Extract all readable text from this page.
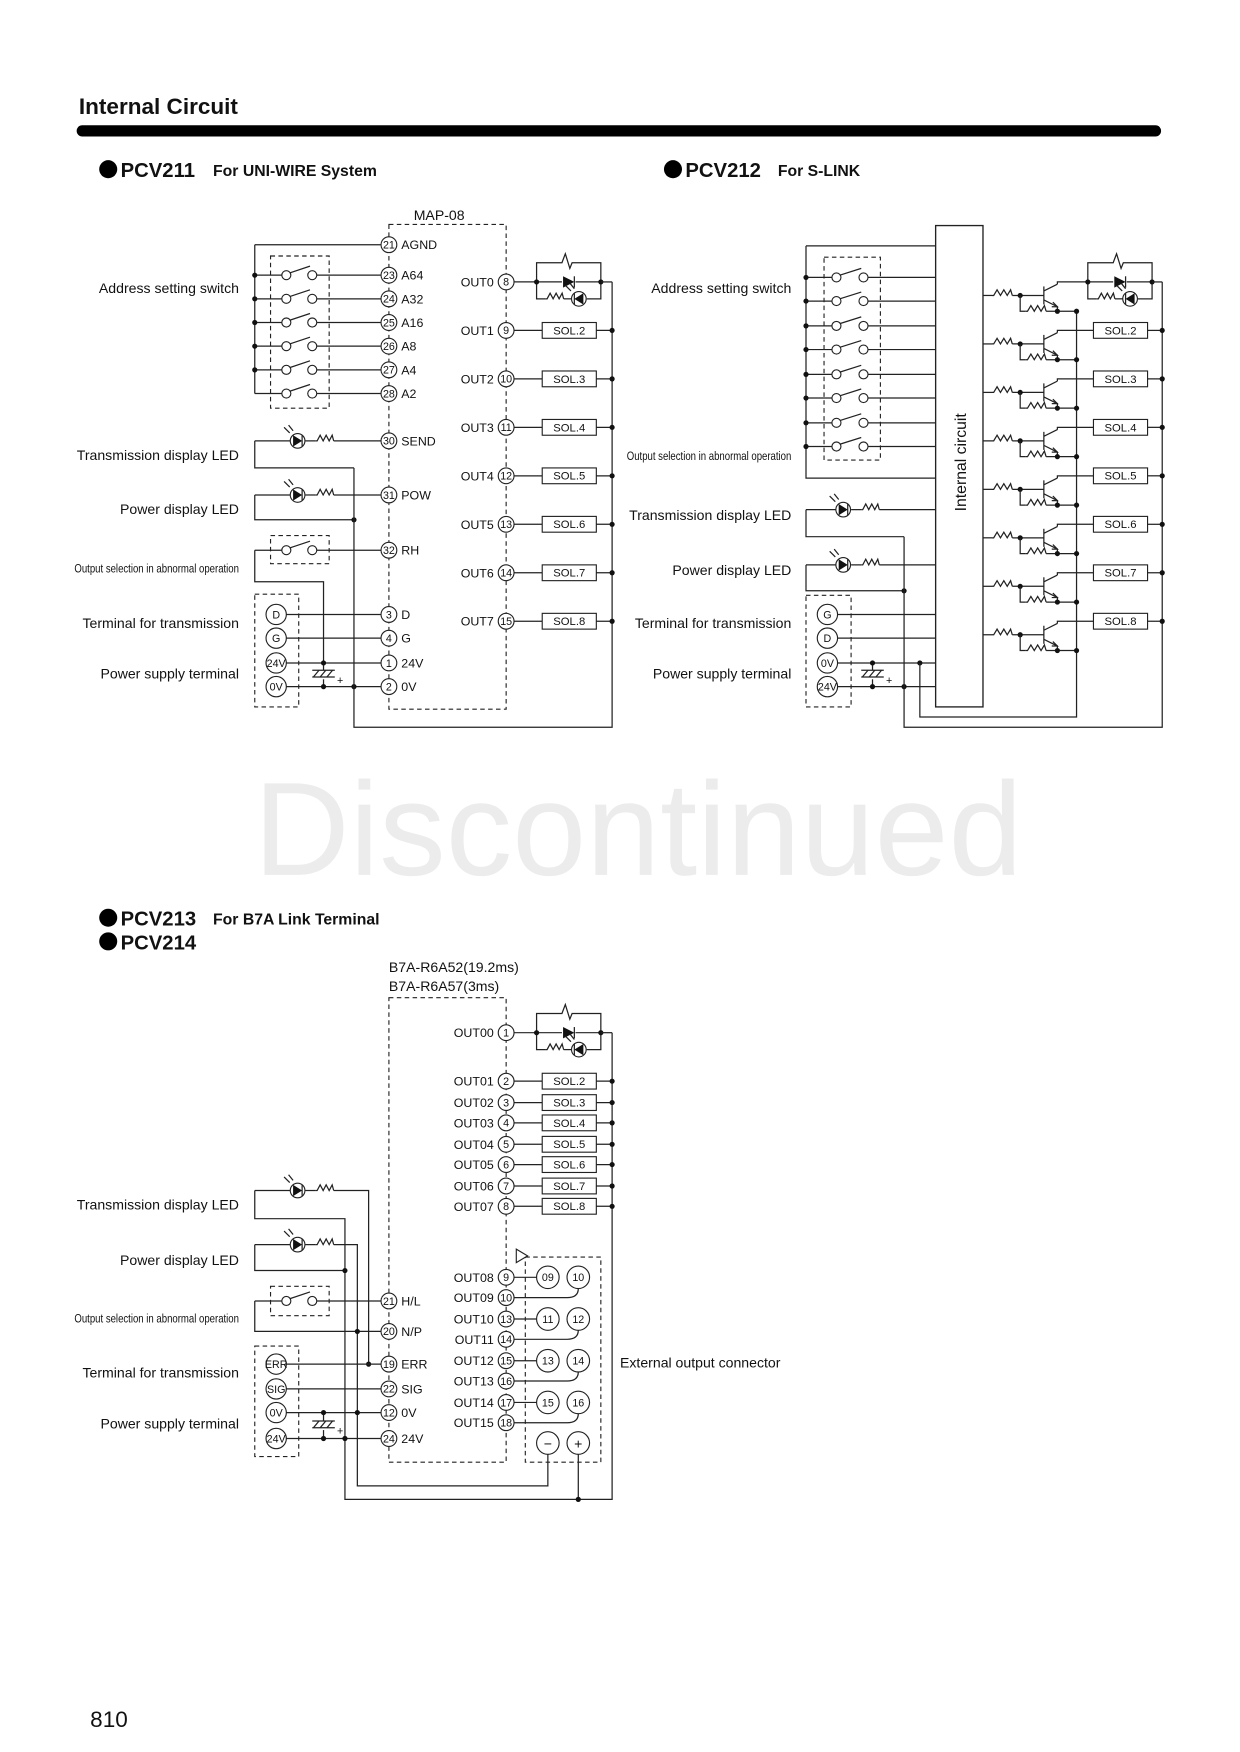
Discontinued
Internal Circuit
810
PCV211 For UNI-WIRE System
MAP-08
D
G
24V
0V
+
21 AGND
23 A64
24 A32
25 A16
26 A8
27 A4
28 A2
30 SEND
31 POW
32 RH
3 D
4 G
1 24V
2 0V
OUT0 8
OUT1	SOL.2
9
OUT2	SOL.3
10
OUT3	SOL.4
11
OUT4	SOL.5
12
OUT5	SOL.6
13
OUT6	SOL.7
14
OUT7	SOL.8
15
Address setting switch
Transmission display LED
Power display LED
Output selection in abnormal operation
Terminal for transmission
Power supply terminal
PCV212 For S-LINK
G
D
0V
24V
+
SOL.2
SOL.3
SOL.4
SOL.5
SOL.6
SOL.7
SOL.8
Internal circuit
Address setting switch
Output selection in abnormal operation
Transmission display LED
Power display LED
Terminal for transmission
Power supply terminal
PCV213 For B7A Link Terminal
PCV214
B7A-R6A52(19.2ms)
B7A-R6A57(3ms)
ERR
SIG
0V
24V
+
21 H/L
20 N/P
19 ERR
22 SIG
12 0V
24 24V
OUT00 1
OUT01	SOL.2
2
OUT02	SOL.3
3
OUT03	SOL.4
4
OUT04	SOL.5
5
OUT05	SOL.6
6
OUT06	SOL.7
7
OUT07	SOL.8
8
OUT08 9
OUT09 10
OUT10 13
OUT11 14
OUT12 15
OUT13 16
OUT14 17
OUT15 18
09 10
11 12
13 14
15 16
− +
External output connector
Transmission display LED
Power display LED
Output selection in abnormal operation
Terminal for transmission
Power supply terminal
